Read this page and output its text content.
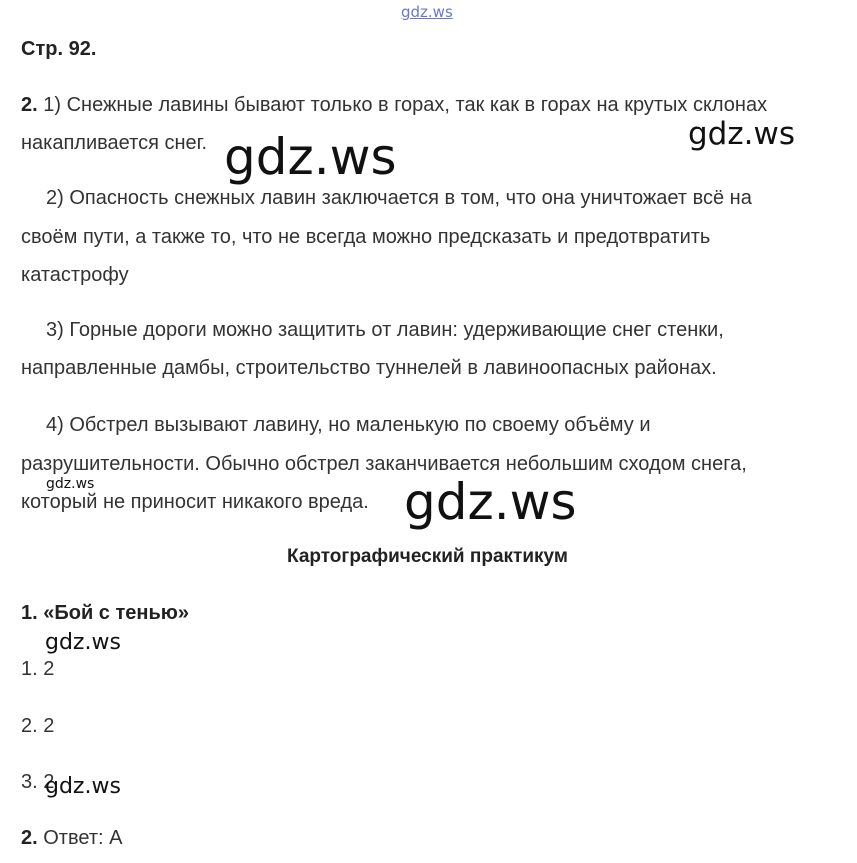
gdz.ws
Стр. 92.
2. 1) Снежные лавины бывают только в горах, так как в горах на крутых склонах
накапливается снег.	gdz.ws
gdz.ws
2) Опасность снежных лавин заключается в том, что она уничтожает всё на
своём пути, а также то, что не всегда можно предсказать и предотвратить
катастрофу
3) Горные дороги можно защитить от лавин: удерживающие снег стенки,
направленные дамбы, строительство туннелей в лавиноопасных районах.
4) Обстрел вызывают лавину, но маленькую по своему объёму и
разрушительности. Обычно обстрел заканчивается небольшим сходом снега,
который не приносит никакого вреда.
gdz.ws	gdz.ws
Картографический практикум
1. «Бой с тенью»
gdz.ws
1. 2
2. 2
3. 2
gdz.ws
2. Ответ: А
